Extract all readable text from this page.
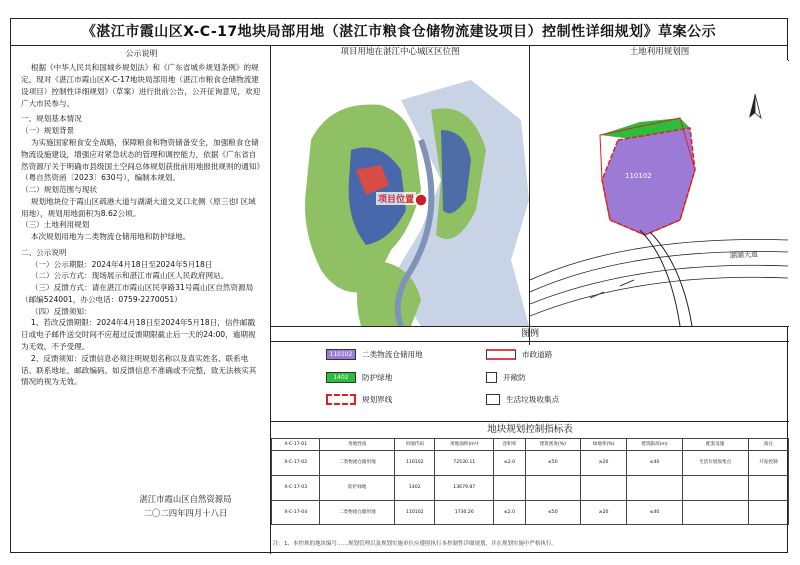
《湛江市霞山区X-C-17地块局部用地（湛江市粮食仓储物流建设项目）控制性详细规划》草案公示
公示说明

根据《中华人民共和国城乡规划法》和《广东省城乡规划条例》的规定，现对《湛江市霞山区X-C-17地块局部用地（湛江市粮食仓储物流建设项目）控制性详细规划》（草案）进行批前公告，公开征询意见，欢迎广大市民参与。

一、规划基本情况

（一）规划背景

为实施国家粮食安全战略，保障粮食和物资储备安全，加强粮食仓储物流设施建设，增强应对紧急状态的管理和调控能力，依据《广东省自然资源厅关于明确市县级国土空间总体规划获批前用地报批规则的通知》（粤自然资函〔2023〕630号），编制本规划。

（二）规划范围与现状

规划地块位于霞山区疏港大道与湖湖大道交叉口北侧（原三也I 区域用地），规划用地面积为8.62公顷。

（三）土地利用规划

本次规划用地为二类物流仓储用地和防护绿地。

二、公示说明

（一）公示期限：2024年4月18日至2024年5月18日

（二）公示方式：现场展示和湛江市霞山区人民政府网站。

（三）反馈方式：请在湛江市霞山区民享路31号霞山区自然资源局（邮编524001，办公电话：0759-2270051）

（四）反馈须知：

1、若改反馈期限：2024年4月18日至2024年5月18日，信件邮戳日或电子邮件送交时间不应超过反馈期限截止后一天的24:00，逾期视为无效，不予受理。

2、反馈须知：反馈信息必须注明规划名称以及真实姓名、联系电话、联系地址、邮政编码。如反馈信息不准确或不完整，致无法核实其情况的视为无效。

湛江市霞山区自然资源局

二〇二四年四月十八日

项目用地在湛江中心城区区位图
项目位置
土地利用规划图
110102
湖湖大道
图例
110102	二类物流仓储用地	市政道路
1402	防护绿地	开敞防
规划界线	生活垃圾收集点
地块规划控制指标表
X-C-17-01	用地性质	用地代码	用地面积(m²)	容积率	建筑密度(%)	绿地率(%)	建筑限高(m)	配套设施	备注
X-C-17-02	二类物流仓储用地	110102	72530.11	≤2.0	≤50	≥20	≤40	生活垃圾收集点	开发控制
X-C-17-03	防护绿地	1402	13679.87						
X-C-17-04	二类物流仓储用地	110102	1730.26	≤2.0	≤50	≥20	≤40		
注：1、本控规的地块编号……规划管理以及规划实施单位应遵照执行本控制性详细规划，并在规划实施中严格执行。
